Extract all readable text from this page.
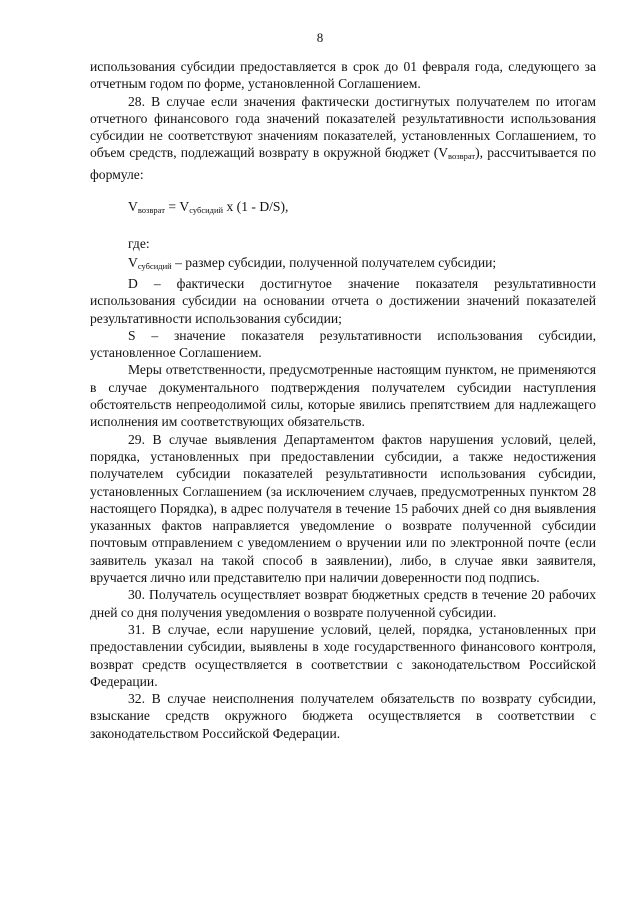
8

использования субсидии предоставляется в срок до 01 февраля года, следующего за отчетным годом по форме, установленной Соглашением.

28. В случае если значения фактически достигнутых получателем по итогам отчетного финансового года значений показателей результативности использования субсидии не соответствуют значениям показателей, установленных Соглашением, то объем средств, подлежащий возврату в окружной бюджет $(V_{возврат})$, рассчитывается по формуле:

$V_{возврат} = V_{субсидий}$ x (1 - D/S),

где:

$V_{субсидий}$ – размер субсидии, полученной получателем субсидии;

D – фактически достигнутое значение показателя результативности использования субсидии на основании отчета о достижении значений показателей результативности использования субсидии;

S – значение показателя результативности использования субсидии, установленное Соглашением.

Меры ответственности, предусмотренные настоящим пунктом, не применяются в случае документального подтверждения получателем субсидии наступления обстоятельств непреодолимой силы, которые явились препятствием для надлежащего исполнения им соответствующих обязательств.

29. В случае выявления Департаментом фактов нарушения условий, целей, порядка, установленных при предоставлении субсидии, а также недостижения получателем субсидии показателей результативности использования субсидии, установленных Соглашением (за исключением случаев, предусмотренных пунктом 28 настоящего Порядка), в адрес получателя в течение 15 рабочих дней со дня выявления указанных фактов направляется уведомление о возврате полученной субсидии почтовым отправлением с уведомлением о вручении или по электронной почте (если заявитель указал на такой способ в заявлении), либо, в случае явки заявителя, вручается лично или представителю при наличии доверенности под подпись.

30. Получатель осуществляет возврат бюджетных средств в течение 20 рабочих дней со дня получения уведомления о возврате полученной субсидии.

31. В случае, если нарушение условий, целей, порядка, установленных при предоставлении субсидии, выявлены в ходе государственного финансового контроля, возврат средств осуществляется в соответствии с законодательством Российской Федерации.

32. В случае неисполнения получателем обязательств по возврату субсидии, взыскание средств окружного бюджета осуществляется в соответствии с законодательством Российской Федерации.
